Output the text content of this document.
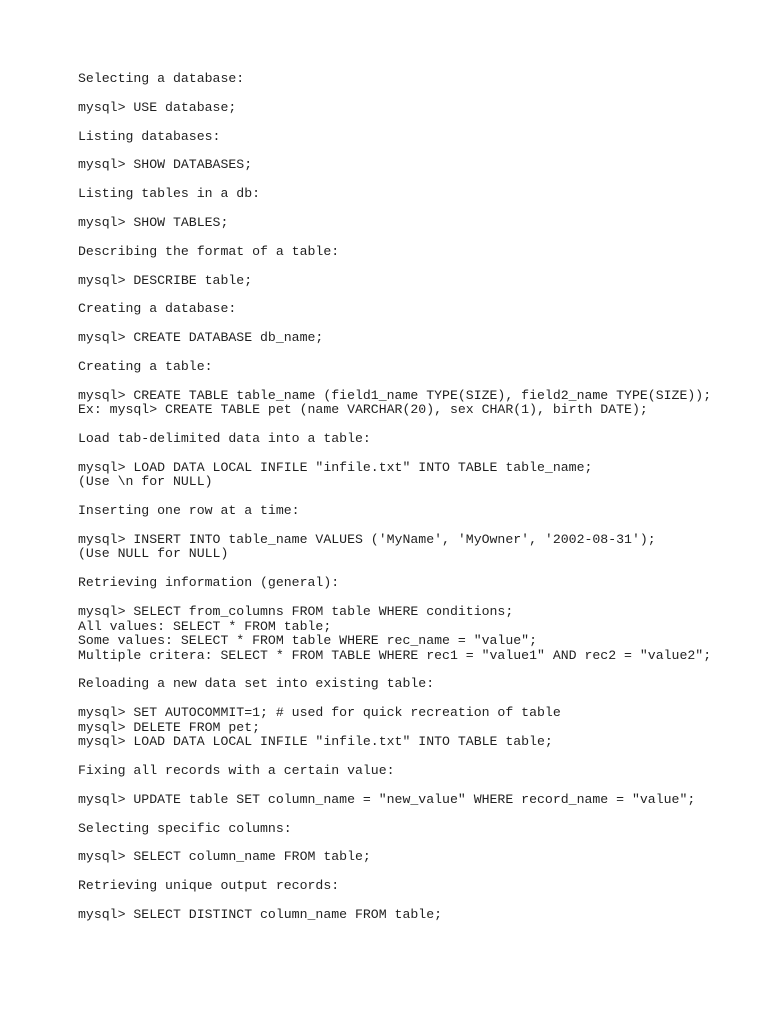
Selecting a database:
mysql> USE database;
Listing databases:
mysql> SHOW DATABASES;
Listing tables in a db:
mysql> SHOW TABLES;
Describing the format of a table:
mysql> DESCRIBE table;
Creating a database:
mysql> CREATE DATABASE db_name;
Creating a table:
mysql> CREATE TABLE table_name (field1_name TYPE(SIZE), field2_name TYPE(SIZE));
Ex: mysql> CREATE TABLE pet (name VARCHAR(20), sex CHAR(1), birth DATE);
Load tab-delimited data into a table:
mysql> LOAD DATA LOCAL INFILE "infile.txt" INTO TABLE table_name;
(Use \n for NULL)
Inserting one row at a time:
mysql> INSERT INTO table_name VALUES ('MyName', 'MyOwner', '2002-08-31');
(Use NULL for NULL)
Retrieving information (general):
mysql> SELECT from_columns FROM table WHERE conditions;
All values: SELECT * FROM table;
Some values: SELECT * FROM table WHERE rec_name = "value";
Multiple critera: SELECT * FROM TABLE WHERE rec1 = "value1" AND rec2 = "value2";
Reloading a new data set into existing table:
mysql> SET AUTOCOMMIT=1; # used for quick recreation of table
mysql> DELETE FROM pet;
mysql> LOAD DATA LOCAL INFILE "infile.txt" INTO TABLE table;
Fixing all records with a certain value:
mysql> UPDATE table SET column_name = "new_value" WHERE record_name = "value";
Selecting specific columns:
mysql> SELECT column_name FROM table;
Retrieving unique output records:
mysql> SELECT DISTINCT column_name FROM table;
